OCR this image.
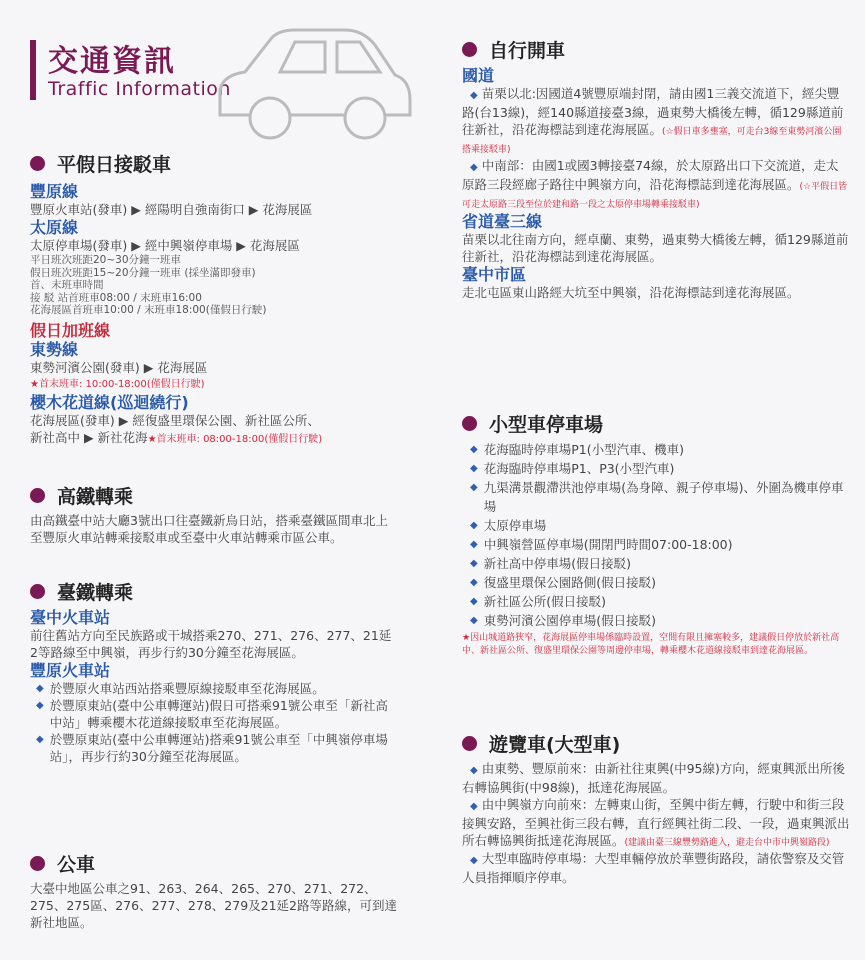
交通資訊
Traffic Information
平假日接駁車

豐原線

豐原火車站(發車) ▶ 經陽明自強南街口 ▶ 花海展區

太原線

太原停車場(發車) ▶ 經中興嶺停車場 ▶ 花海展區

平日班次班距20~30分鐘一班車

假日班次班距15~20分鐘一班車 (採坐滿即發車)

首、末班車時間

接 駁 站首班車08:00 / 末班車16:00

花海展區首班車10:00 / 末班車18:00(僅假日行駛)

假日加班線

東勢線

東勢河濱公園(發車) ▶ 花海展區

★首末班車: 10:00-18:00(僅假日行駛)

櫻木花道線(巡迴繞行)

花海展區(發車) ▶ 經復盛里環保公園、新社區公所、

新社高中 ▶ 新社花海★首末班車: 08:00-18:00(僅假日行駛)

高鐵轉乘
由高鐵臺中站大廳3號出口往臺鐵新烏日站，搭乘臺鐵區間車北上至豐原火車站轉乘接駁車或至臺中火車站轉乘市區公車。
臺鐵轉乘

臺中火車站

前往舊站方向至民族路或干城搭乘270、271、276、277、21延2等路線至中興嶺，再步行約30分鐘至花海展區。

豐原火車站

◆ 於豐原火車站西站搭乘豐原線接駁車至花海展區。

◆ 於豐原東站(臺中公車轉運站)假日可搭乘91號公車至「新社高中站」轉乘櫻木花道線接駁車至花海展區。

◆ 於豐原東站(臺中公車轉運站)搭乘91號公車至「中興嶺停車場站」，再步行約30分鐘至花海展區。

公車
大臺中地區公車之91、263、264、265、270、271、272、275、275區、276、277、278、279及21延2路等路線，可到達新社地區。
自行開車

國道

◆ 苗栗以北:因國道4號豐原端封閉，請由國1三義交流道下，經尖豐路(台13線)，經140縣道接臺3線，過東勢大橋後左轉，循129縣道前往新社，沿花海標誌到達花海展區。(☆假日車多壅塞，可走台3線至東勢河濱公園搭乘接駁車)

◆ 中南部：由國1或國3轉接臺74線，於太原路出口下交流道，走太原路三段經廊子路往中興嶺方向，沿花海標誌到達花海展區。(☆平假日皆可走太原路三段至位於建和路一段之太原停車場轉乘接駁車)

省道臺三線

苗栗以北往南方向，經卓蘭、東勢，過東勢大橋後左轉，循129縣道前往新社，沿花海標誌到達花海展區。

臺中市區

走北屯區東山路經大坑至中興嶺，沿花海標誌到達花海展區。

小型車停車場

◆ 花海臨時停車場P1(小型汽車、機車)

◆ 花海臨時停車場P1、P3(小型汽車)

◆ 九渠溝景觀滯洪池停車場(為身障、親子停車場)、外圍為機車停車場

◆ 太原停車場

◆ 中興嶺營區停車場(開閉門時間07:00-18:00)

◆ 新社高中停車場(假日接駁)

◆ 復盛里環保公園路側(假日接駁)

◆ 新社區公所(假日接駁)

◆ 東勢河濱公園停車場(假日接駁)

★因山城道路狹窄，花海展區停車場係臨時設置，空間有限且擁塞較多，建議假日停放於新社高中、新社區公所、復盛里環保公園等周邊停車場，轉乘櫻木花道線接駁車到達花海展區。

遊覽車(大型車)

◆ 由東勢、豐原前來：由新社往東興(中95線)方向，經東興派出所後右轉協興街(中98線)，抵達花海展區。

◆ 由中興嶺方向前來：左轉東山街，至興中街左轉，行駛中和街三段接興安路，至興社街三段右轉，直行經興社街二段、一段，過東興派出所右轉協興街抵達花海展區。(建議由臺三線豐勢路進入，避走台中市中興嶺路段)

◆ 大型車臨時停車場：大型車輛停放於華豐街路段，請依警察及交管人員指揮順序停車。
